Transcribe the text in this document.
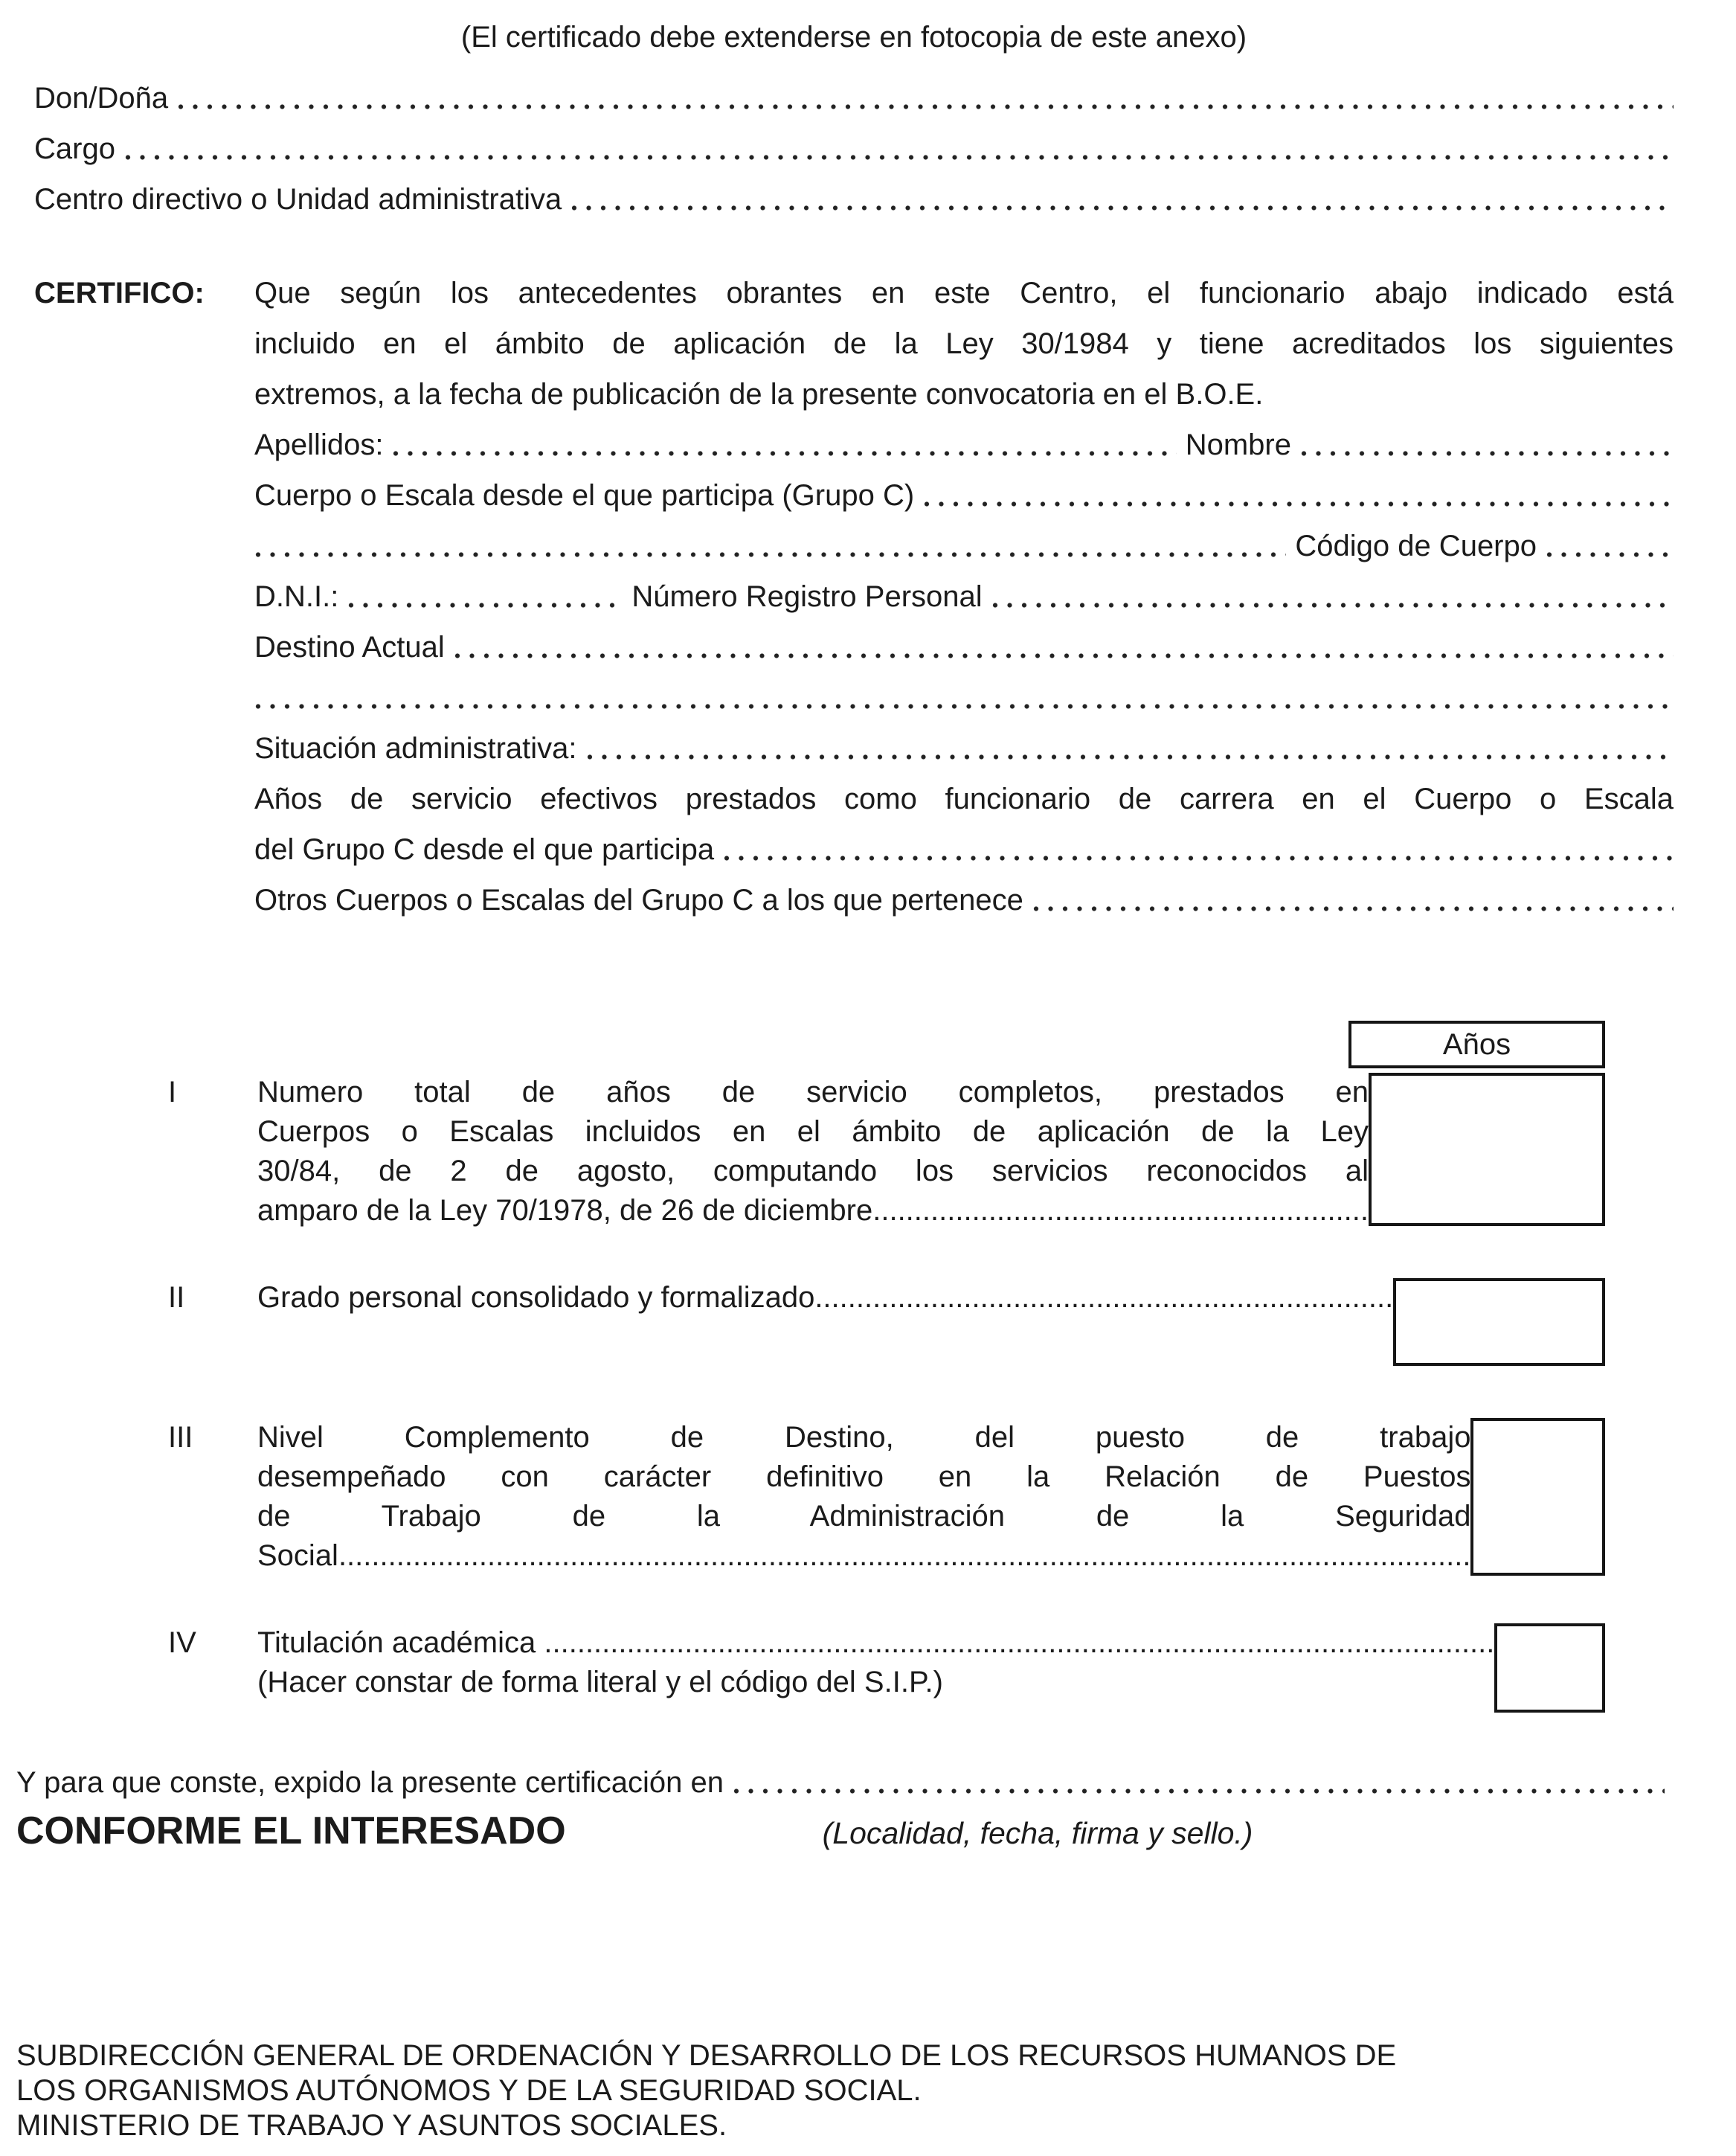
(El certificado debe extenderse en fotocopia de este anexo)
Don/Doña
Cargo
Centro directivo o Unidad administrativa
CERTIFICO: Que según los antecedentes obrantes en este Centro, el funcionario abajo indicado está
incluido en el ámbito de aplicación de la Ley 30/1984 y tiene acreditados los siguientes
extremos, a la fecha de publicación de la presente convocatoria en el B.O.E.
Apellidos:	Nombre
Cuerpo o Escala desde el que participa (Grupo C)
Código de Cuerpo
D.N.I.:	Número Registro Personal
Destino Actual
Situación administrativa:
Años de servicio efectivos prestados como funcionario de carrera en el Cuerpo o Escala
del Grupo C desde el que participa
Otros Cuerpos o Escalas del Grupo C a los que pertenece
Años
I	Numero total de años de servicio completos, prestados en
Cuerpos o Escalas incluidos en el ámbito de aplicación de la Ley
30/84, de 2 de agosto, computando los servicios reconocidos al
amparo de la Ley 70/1978, de 26 de diciembre............................................................
II	Grado personal consolidado y formalizado......................................................................
III	Nivel Complemento de Destino, del puesto de trabajo
desempeñado con carácter definitivo en la Relación de Puestos
de Trabajo de la Administración de la Seguridad
Social.........................................................................................................................................
IV	Titulación académica ...................................................................................................................
(Hacer constar de forma literal y el código del S.I.P.)
Y para que conste, expido la presente certificación en
CONFORME EL INTERESADO	(Localidad, fecha, firma y sello.)
SUBDIRECCIÓN GENERAL DE ORDENACIÓN Y DESARROLLO DE LOS RECURSOS HUMANOS DE
LOS ORGANISMOS AUTÓNOMOS Y DE LA SEGURIDAD SOCIAL.
MINISTERIO DE TRABAJO Y ASUNTOS SOCIALES.
